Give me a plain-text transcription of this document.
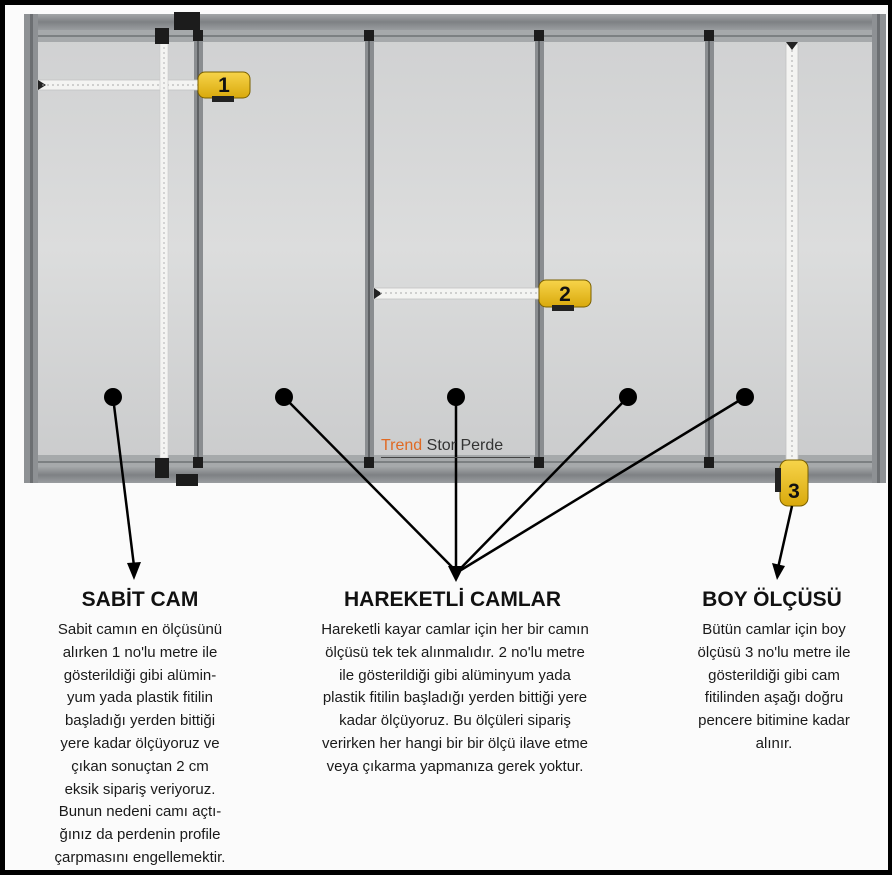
1
2
3
Trend Stor Perde
SABİT CAM	HAREKETLİ CAMLAR	BOY ÖLÇÜSÜ
Sabit camın en ölçüsünü
alırken 1 no'lu metre ile
gösterildiği gibi alümin-
yum yada plastik fitilin
başladığı yerden bittiği
yere kadar ölçüyoruz ve
çıkan sonuçtan 2 cm
eksik sipariş veriyoruz.
Bunun nedeni camı açtı-
ğınız da perdenin profile
çarpmasını engellemektir.
Hareketli kayar camlar için her bir camın
ölçüsü tek tek alınmalıdır. 2 no'lu metre
ile gösterildiği gibi alüminyum yada
plastik fitilin başladığı yerden bittiği yere
kadar ölçüyoruz. Bu ölçüleri sipariş
verirken her hangi bir bir ölçü ilave etme
veya çıkarma yapmanıza gerek yoktur.
Bütün camlar için boy
ölçüsü 3 no'lu metre ile
gösterildiği gibi cam
fitilinden aşağı doğru
pencere bitimine kadar
alınır.
